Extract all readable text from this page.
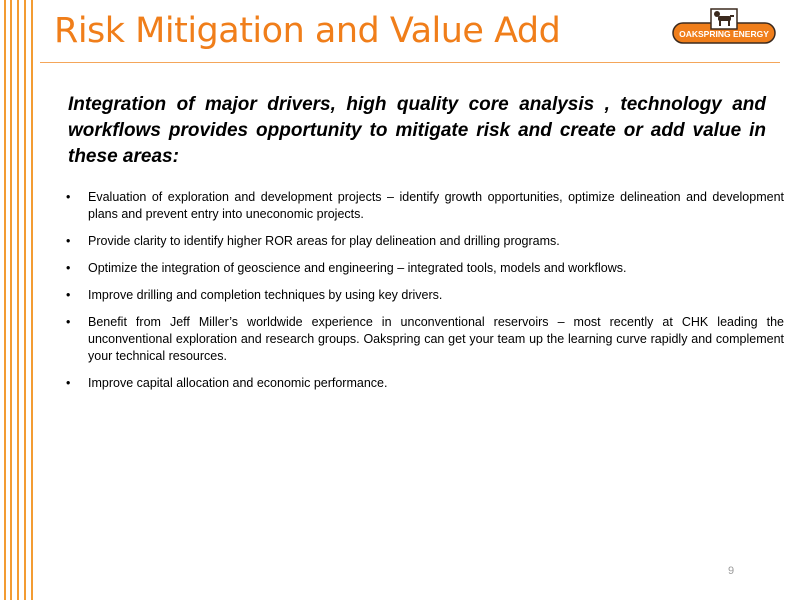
Risk Mitigation and Value Add	OAKSPRING ENERGY
Integration of major drivers, high quality core analysis , technology and workflows provides opportunity to mitigate risk and create or add value in these areas:
• Evaluation of exploration and development projects – identify growth opportunities, optimize delineation and development plans and prevent entry into uneconomic projects.
• Provide clarity to identify higher ROR areas for play delineation and drilling programs.
• Optimize the integration of geoscience and engineering – integrated tools, models and workflows.
• Improve drilling and completion techniques by using key drivers.
• Benefit from Jeff Miller’s worldwide experience in unconventional reservoirs – most recently at CHK leading the unconventional exploration and research groups. Oakspring can get your team up the learning curve rapidly and complement your technical resources.
• Improve capital allocation and economic performance.
9
